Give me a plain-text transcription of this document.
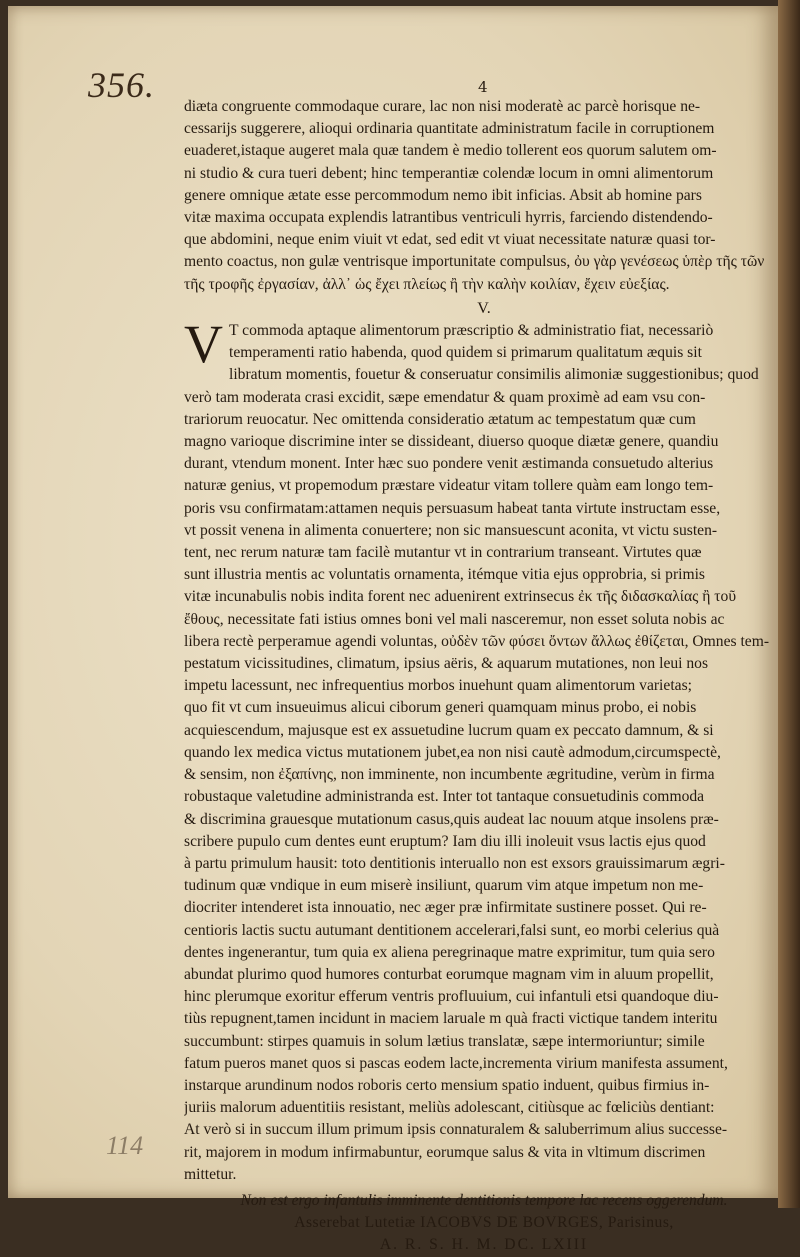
356.	4
diæta congruente commodaque curare, lac non nisi moderatè ac parcè horisque ne-
cessarijs suggerere, alioqui ordinaria quantitate administratum facile in corruptionem
euaderet,istaque augeret mala quæ tandem è medio tollerent eos quorum salutem om-
ni studio & cura tueri debent; hinc temperantiæ colendæ locum in omni alimentorum
genere omnique ætate esse percommodum nemo ibit inficias. Absit ab homine pars
vitæ maxima occupata explendis latrantibus ventriculi hyrris, farciendo distendendo-
que abdomini, neque enim viuit vt edat, sed edit vt viuat necessitate naturæ quasi tor-
mento coactus, non gulæ ventrisque importunitate compulsus, ὀυ γὰρ γενέσεως ὑπὲρ τῆς τῶν
τῆς τροφῆς ἐργασίαν, ἀλλ᾽ ὡς ἔχει πλείως ἢ τὴν καλὴν κοιλίαν, ἔχειν εὐεξίας.
V.
V T commoda aptaque alimentorum præscriptio & administratio fiat, necessariò
temperamenti ratio habenda, quod quidem si primarum qualitatum æquis sit
libratum momentis, fouetur & conseruatur consimilis alimoniæ suggestionibus; quod
verò tam moderata crasi excidit, sæpe emendatur & quam proximè ad eam vsu con-
trariorum reuocatur. Nec omittenda consideratio ætatum ac tempestatum quæ cum
magno varioque discrimine inter se dissideant, diuerso quoque diætæ genere, quandiu
durant, vtendum monent. Inter hæc suo pondere venit æstimanda consuetudo alterius
naturæ genius, vt propemodum præstare videatur vitam tollere quàm eam longo tem-
poris vsu confirmatam:attamen nequis persuasum habeat tanta virtute instructam esse,
vt possit venena in alimenta conuertere; non sic mansuescunt aconita, vt victu susten-
tent, nec rerum naturæ tam facilè mutantur vt in contrarium transeant. Virtutes quæ
sunt illustria mentis ac voluntatis ornamenta, itémque vitia ejus opprobria, si primis
vitæ incunabulis nobis indita forent nec aduenirent extrinsecus ἐκ τῆς διδασκαλίας ἢ τοῦ
ἔθους, necessitate fati istius omnes boni vel mali nasceremur, non esset soluta nobis ac
libera rectè perperamue agendi voluntas, οὐδὲν τῶν φύσει ὄντων ἄλλως ἐθίζεται, Omnes tem-
pestatum vicissitudines, climatum, ipsius aëris, & aquarum mutationes, non leui nos
impetu lacessunt, nec infrequentius morbos inuehunt quam alimentorum varietas;
quo fit vt cum insueuimus alicui ciborum generi quamquam minus probo, ei nobis
acquiescendum, majusque est ex assuetudine lucrum quam ex peccato damnum, & si
quando lex medica victus mutationem jubet,ea non nisi cautè admodum,circumspectè,
& sensim, non ἐξαπίνης, non imminente, non incumbente ægritudine, verùm in firma
robustaque valetudine administranda est. Inter tot tantaque consuetudinis commoda
& discrimina grauesque mutationum casus,quis audeat lac nouum atque insolens præ-
scribere pupulo cum dentes eunt eruptum? Iam diu illi inoleuit vsus lactis ejus quod
à partu primulum hausit: toto dentitionis interuallo non est exsors grauissimarum ægri-
tudinum quæ vndique in eum miserè insiliunt, quarum vim atque impetum non me-
diocriter intenderet ista innouatio, nec æger præ infirmitate sustinere posset. Qui re-
centioris lactis suctu autumant dentitionem accelerari,falsi sunt, eo morbi celerius quà
dentes ingenerantur, tum quia ex aliena peregrinaque matre exprimitur, tum quia sero
abundat plurimo quod humores conturbat eorumque magnam vim in aluum propellit,
hinc plerumque exoritur efferum ventris profluuium, cui infantuli etsi quandoque diu-
tiùs repugnent,tamen incidunt in maciem laruale m quà fracti victique tandem interitu
succumbunt: stirpes quamuis in solum lætius translatæ, sæpe intermoriuntur; simile
fatum pueros manet quos si pascas eodem lacte,incrementa virium manifesta assument,
instarque arundinum nodos roboris certo mensium spatio induent, quibus firmius in-
juriis malorum aduentitiis resistant, meliùs adolescant, citiùsque ac fœliciùs dentiant:
At verò si in succum illum primum ipsis connaturalem & saluberrimum alius successe-
rit, majorem in modum infirmabuntur, eorumque salus & vita in vltimum discrimen
mittetur.
Non est ergo infantulis imminente dentitionis tempore lac recens oggerendum.
Asserebat Lutetiæ IACOBVS DE BOVRGES, Parisinus,
A. R. S. H. M. DC. LXIII
114
